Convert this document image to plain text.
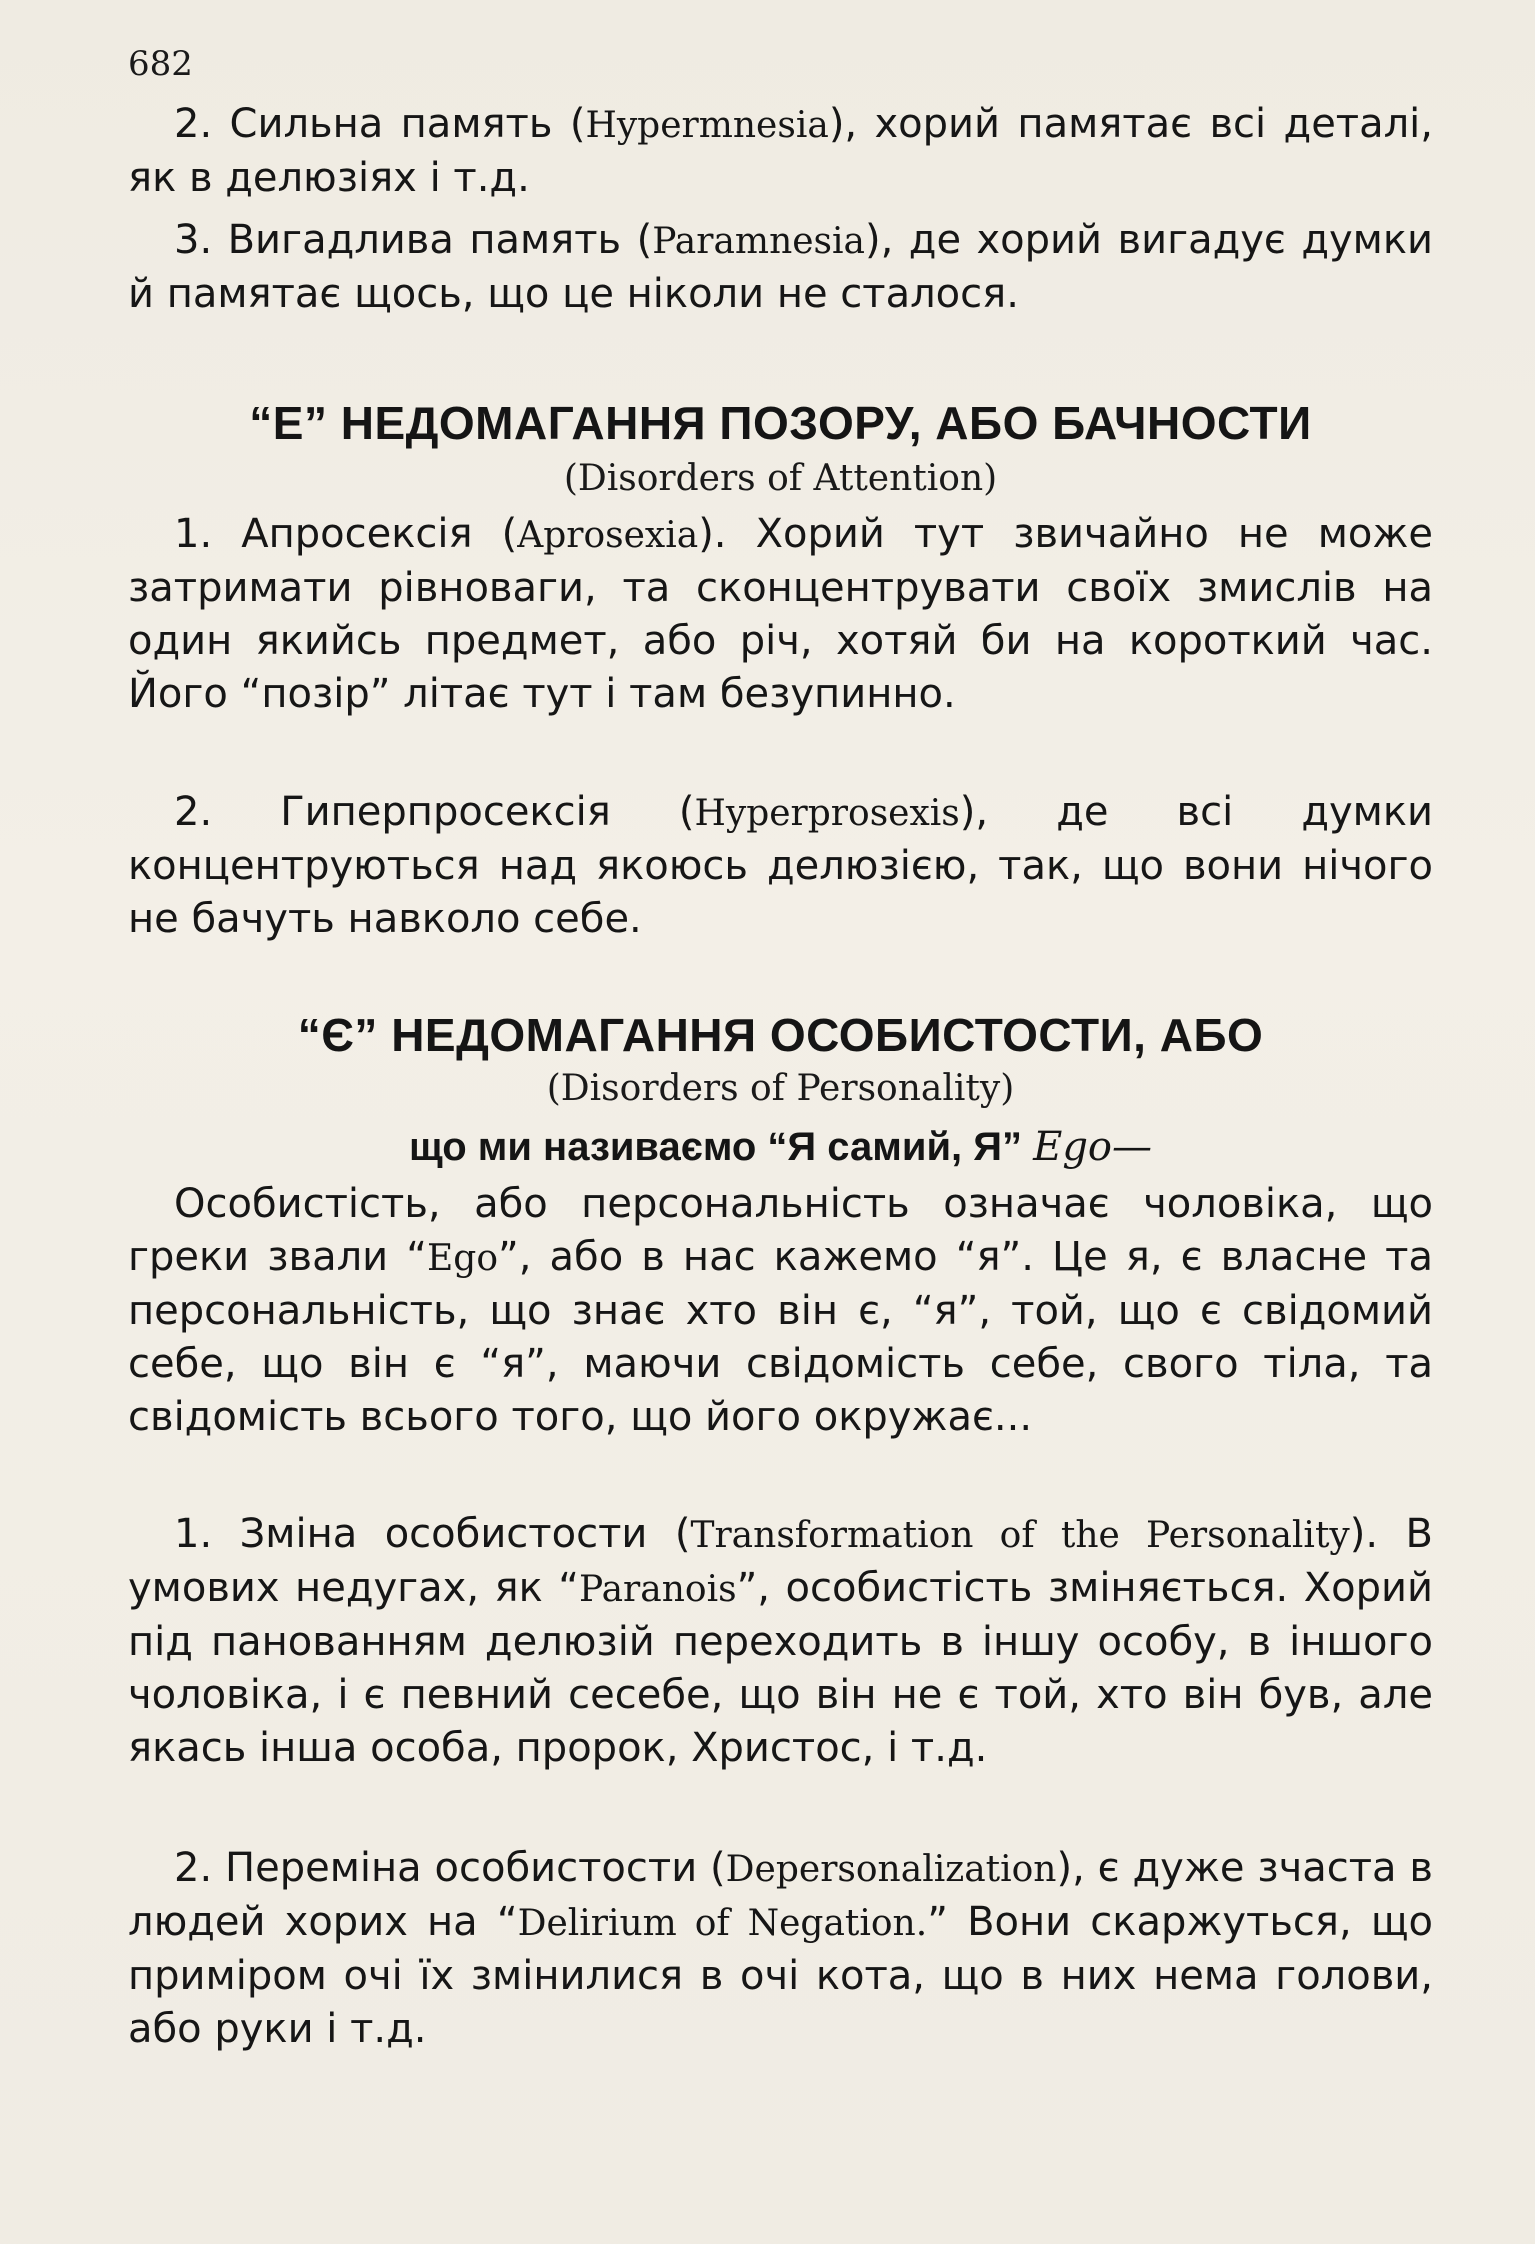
682

2. Сильна память (Hypermnesia), хорий памятає всі деталі, як в делюзіях і т.д.

3. Вигадлива память (Paramnesia), де хорий вигадує думки й памятає щось, що це ніколи не сталося.

“Е” НЕДОМАГАННЯ ПОЗОРУ, АБО БАЧНОСТИ
(Disorders of Attention)

1. Апросексія (Aprosexia). Хорий тут звичайно не може затримати рівноваги, та сконцентрувати своїх змислів на один якийсь предмет, або річ, хотяй би на короткий час. Його “позір” літає тут і там безупинно.

2. Гиперпросексія (Hyperprosexis), де всі думки концентруються над якоюсь делюзією, так, що вони нічого не бачуть навколо себе.

“Є” НЕДОМАГАННЯ ОСОБИСТОСТИ, АБО
(Disorders of Personality)
що ми називаємо “Я самий, Я” Ego—

Особистість, або персональність означає чоловіка, що греки звали “Ego”, або в нас кажемо “я”. Це я, є власне та персональність, що знає хто він є, “я”, той, що є свідомий себе, що він є “я”, маючи свідомість себе, свого тіла, та свідомість всього того, що його окружає...

1. Зміна особистости (Transformation of the Personality). В умових недугах, як “Paranois”, особистість зміняється. Хорий під панованням делюзій переходить в іншу особу, в іншого чоловіка, і є певний сесебе, що він не є той, хто він був, але якась інша особа, пророк, Христос, і т.д.

2. Переміна особистости (Depersonalization), є дуже зчаста в людей хорих на “Delirium of Negation.” Вони скаржуться, що приміром очі їх змінилися в очі кота, що в них нема голови, або руки і т.д.
